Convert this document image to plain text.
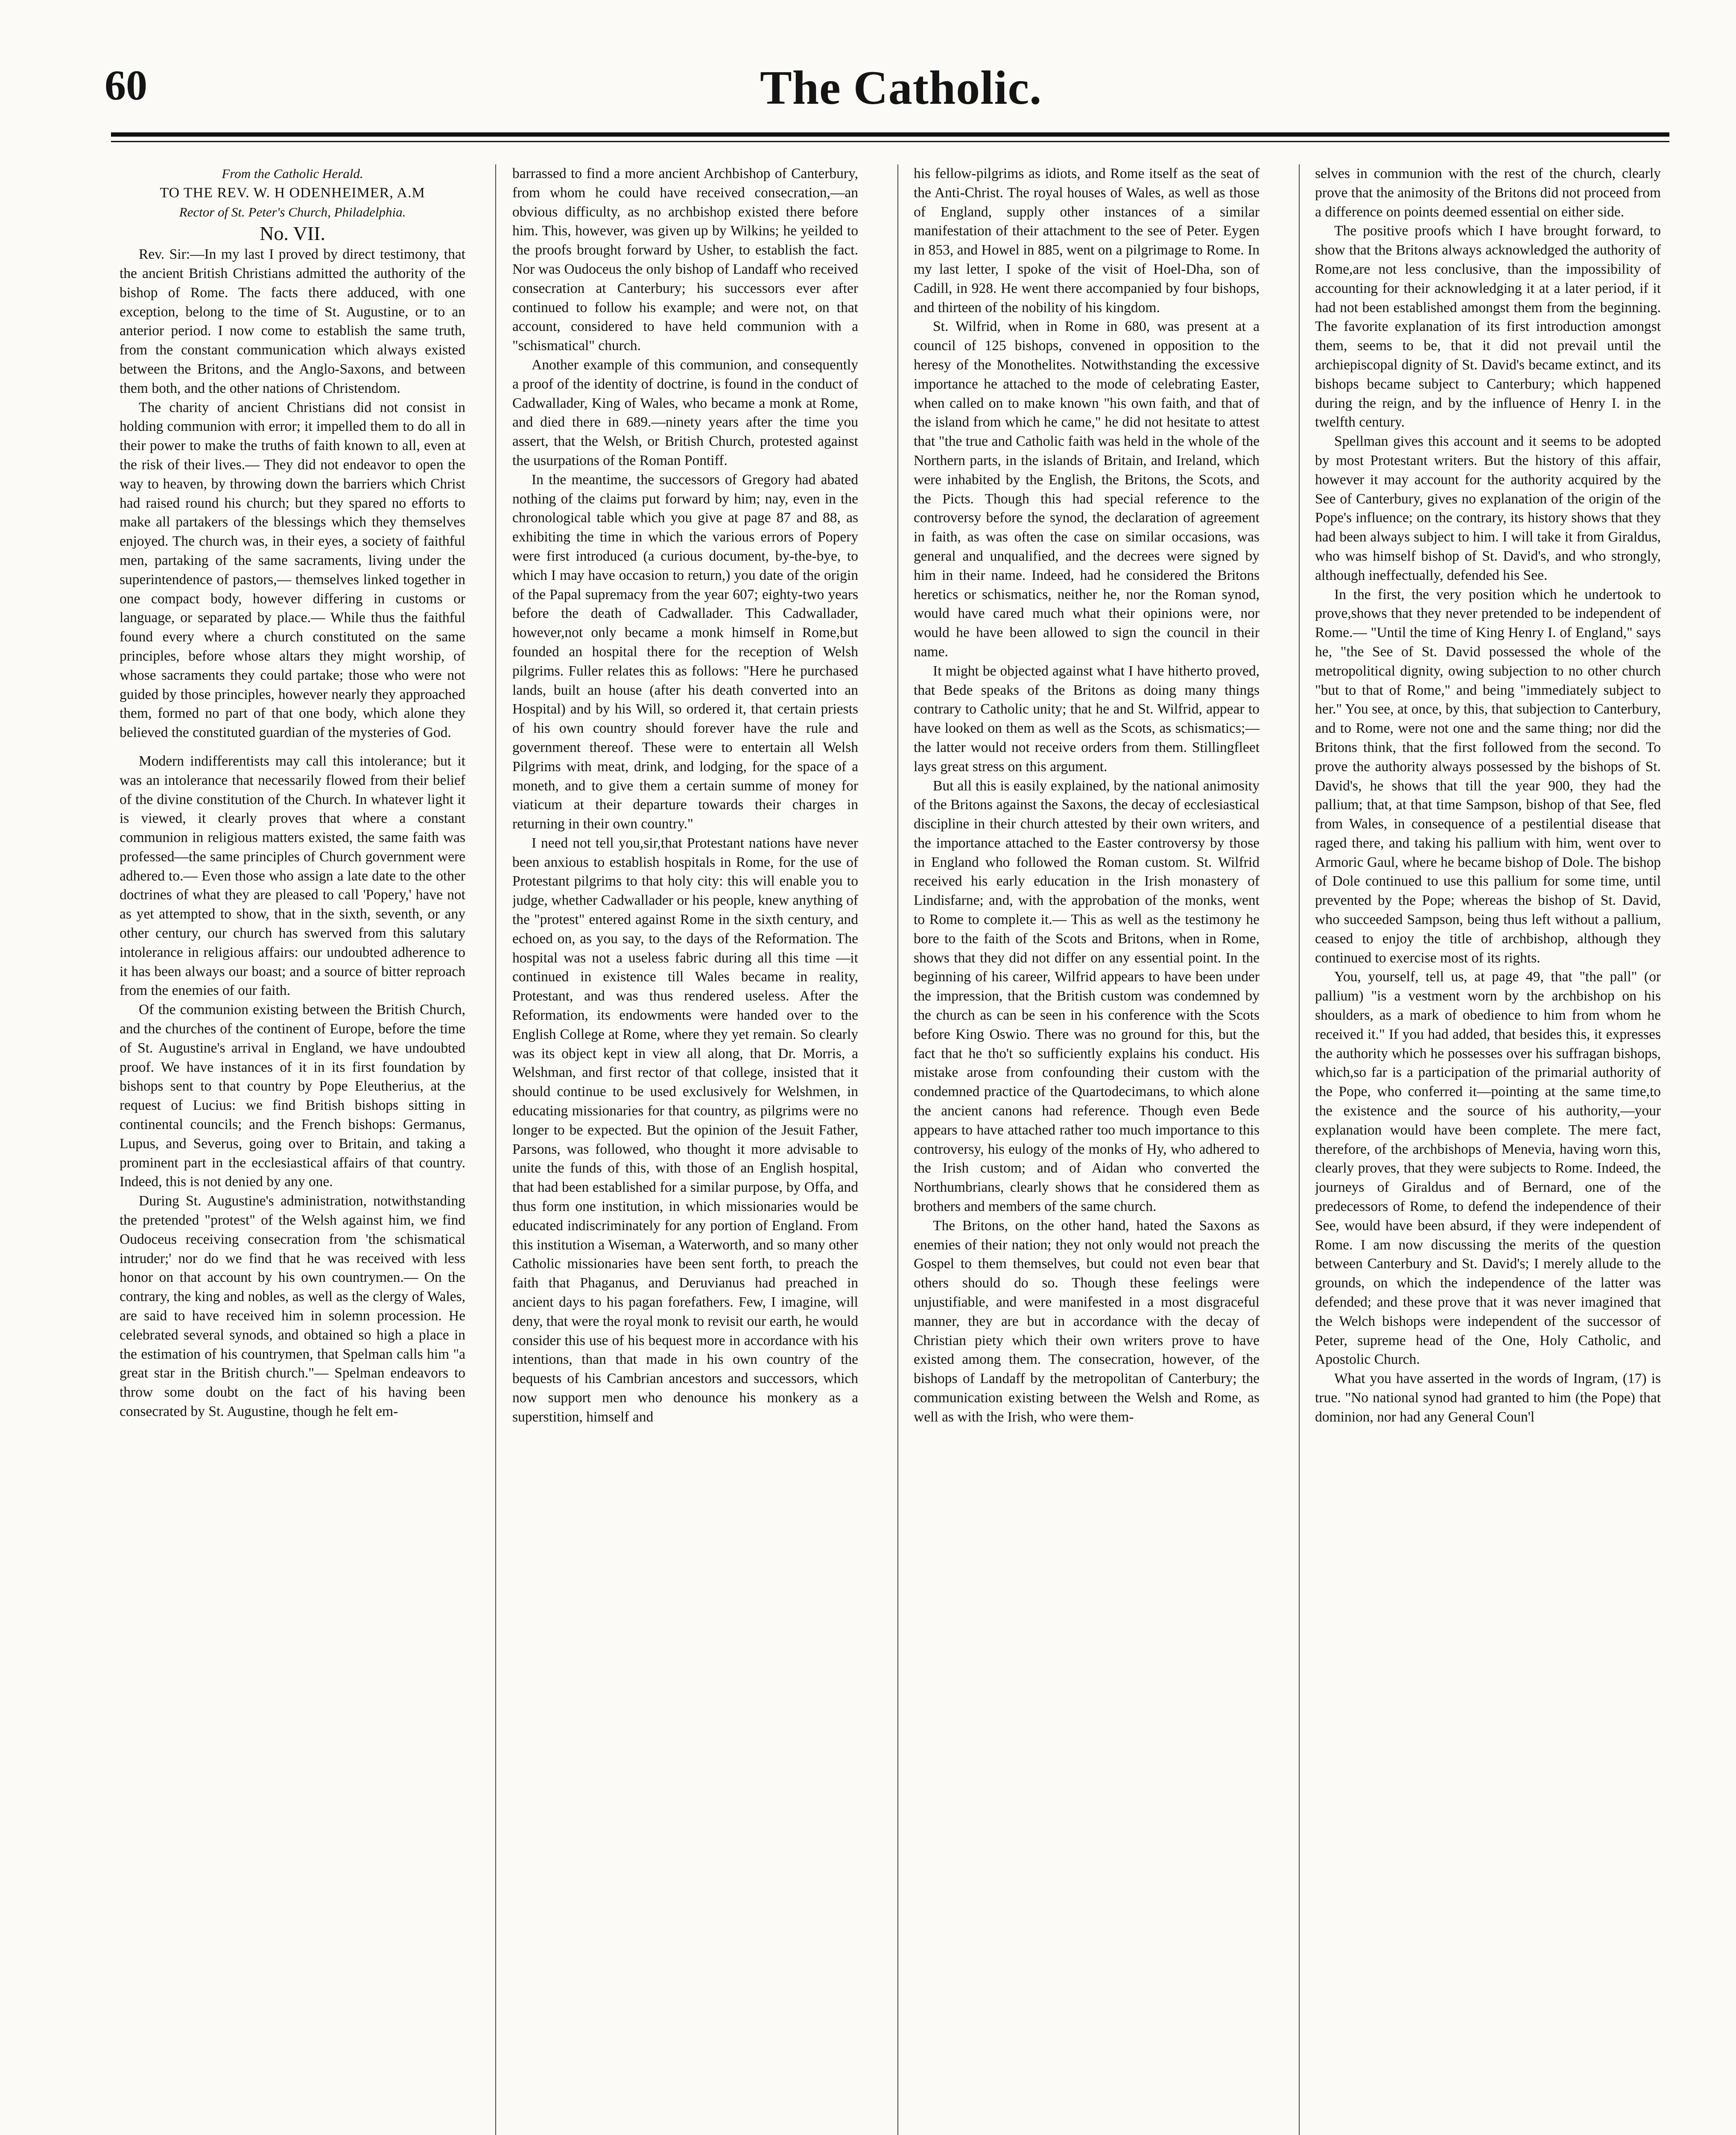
60	The Catholic.

From the Catholic Herald.

TO THE REV. W. H ODENHEIMER, A.M

Rector of St. Peter's Church, Philadelphia.

No. VII.

Rev. Sir:—In my last I proved by direct testimony, that the ancient British Christians admitted the authority of the bishop of Rome. The facts there adduced, with one exception, belong to the time of St. Augustine, or to an anterior period. I now come to establish the same truth, from the constant communication which always existed between the Britons, and the Anglo-Saxons, and between them both, and the other nations of Christendom.

The charity of ancient Christians did not consist in holding communion with error; it impelled them to do all in their power to make the truths of faith known to all, even at the risk of their lives.— They did not endeavor to open the way to heaven, by throwing down the barriers which Christ had raised round his church; but they spared no efforts to make all partakers of the blessings which they themselves enjoyed. The church was, in their eyes, a society of faithful men, partaking of the same sacraments, living under the superintendence of pastors,— themselves linked together in one compact body, however differing in customs or language, or separated by place.— While thus the faithful found every where a church constituted on the same principles, before whose altars they might worship, of whose sacraments they could partake; those who were not guided by those principles, however nearly they approached them, formed no part of that one body, which alone they believed the constituted guardian of the mysteries of God.

Modern indifferentists may call this intolerance; but it was an intolerance that necessarily flowed from their belief of the divine constitution of the Church. In whatever light it is viewed, it clearly proves that where a constant communion in religious matters existed, the same faith was professed—the same principles of Church government were adhered to.— Even those who assign a late date to the other doctrines of what they are pleased to call 'Popery,' have not as yet attempted to show, that in the sixth, seventh, or any other century, our church has swerved from this salutary intolerance in religious affairs: our undoubted adherence to it has been always our boast; and a source of bitter reproach from the enemies of our faith.

Of the communion existing between the British Church, and the churches of the continent of Europe, before the time of St. Augustine's arrival in England, we have undoubted proof. We have instances of it in its first foundation by bishops sent to that country by Pope Eleutherius, at the request of Lucius: we find British bishops sitting in continental councils; and the French bishops: Germanus, Lupus, and Severus, going over to Britain, and taking a prominent part in the ecclesiastical affairs of that country. Indeed, this is not denied by any one.

During St. Augustine's administration, notwithstanding the pretended "protest" of the Welsh against him, we find Oudoceus receiving consecration from 'the schismatical intruder;' nor do we find that he was received with less honor on that account by his own countrymen.— On the contrary, the king and nobles, as well as the clergy of Wales, are said to have received him in solemn procession. He celebrated several synods, and obtained so high a place in the estimation of his countrymen, that Spelman calls him "a great star in the British church."— Spelman endeavors to throw some doubt on the fact of his having been consecrated by St. Augustine, though he felt em-

barrassed to find a more ancient Archbishop of Canterbury, from whom he could have received consecration,—an obvious difficulty, as no archbishop existed there before him. This, however, was given up by Wilkins; he yeilded to the proofs brought forward by Usher, to establish the fact. Nor was Oudoceus the only bishop of Landaff who received consecration at Canterbury; his successors ever after continued to follow his example; and were not, on that account, considered to have held communion with a "schismatical" church.

Another example of this communion, and consequently a proof of the identity of doctrine, is found in the conduct of Cadwallader, King of Wales, who became a monk at Rome, and died there in 689.—ninety years after the time you assert, that the Welsh, or British Church, protested against the usurpations of the Roman Pontiff.

In the meantime, the successors of Gregory had abated nothing of the claims put forward by him; nay, even in the chronological table which you give at page 87 and 88, as exhibiting the time in which the various errors of Popery were first introduced (a curious document, by-the-bye, to which I may have occasion to return,) you date of the origin of the Papal supremacy from the year 607; eighty-two years before the death of Cadwallader. This Cadwallader, however,not only became a monk himself in Rome,but founded an hospital there for the reception of Welsh pilgrims. Fuller relates this as follows: "Here he purchased lands, built an house (after his death converted into an Hospital) and by his Will, so ordered it, that certain priests of his own country should forever have the rule and government thereof. These were to entertain all Welsh Pilgrims with meat, drink, and lodging, for the space of a moneth, and to give them a certain summe of money for viaticum at their departure towards their charges in returning in their own country."

I need not tell you,sir,that Protestant nations have never been anxious to establish hospitals in Rome, for the use of Protestant pilgrims to that holy city: this will enable you to judge, whether Cadwallader or his people, knew anything of the "protest" entered against Rome in the sixth century, and echoed on, as you say, to the days of the Reformation. The hospital was not a useless fabric during all this time —it continued in existence till Wales became in reality, Protestant, and was thus rendered useless. After the Reformation, its endowments were handed over to the English College at Rome, where they yet remain. So clearly was its object kept in view all along, that Dr. Morris, a Welshman, and first rector of that college, insisted that it should continue to be used exclusively for Welshmen, in educating missionaries for that country, as pilgrims were no longer to be expected. But the opinion of the Jesuit Father, Parsons, was followed, who thought it more advisable to unite the funds of this, with those of an English hospital, that had been established for a similar purpose, by Offa, and thus form one institution, in which missionaries would be educated indiscriminately for any portion of England. From this institution a Wiseman, a Waterworth, and so many other Catholic missionaries have been sent forth, to preach the faith that Phaganus, and Deruvianus had preached in ancient days to his pagan forefathers. Few, I imagine, will deny, that were the royal monk to revisit our earth, he would consider this use of his bequest more in accordance with his intentions, than that made in his own country of the bequests of his Cambrian ancestors and successors, which now support men who denounce his monkery as a superstition, himself and

his fellow-pilgrims as idiots, and Rome itself as the seat of the Anti-Christ. The royal houses of Wales, as well as those of England, supply other instances of a similar manifestation of their attachment to the see of Peter. Eygen in 853, and Howel in 885, went on a pilgrimage to Rome. In my last letter, I spoke of the visit of Hoel-Dha, son of Cadill, in 928. He went there accompanied by four bishops, and thirteen of the nobility of his kingdom.

St. Wilfrid, when in Rome in 680, was present at a council of 125 bishops, convened in opposition to the heresy of the Monothelites. Notwithstanding the excessive importance he attached to the mode of celebrating Easter, when called on to make known "his own faith, and that of the island from which he came," he did not hesitate to attest that "the true and Catholic faith was held in the whole of the Northern parts, in the islands of Britain, and Ireland, which were inhabited by the English, the Britons, the Scots, and the Picts. Though this had special reference to the controversy before the synod, the declaration of agreement in faith, as was often the case on similar occasions, was general and unqualified, and the decrees were signed by him in their name. Indeed, had he considered the Britons heretics or schismatics, neither he, nor the Roman synod, would have cared much what their opinions were, nor would he have been allowed to sign the council in their name.

It might be objected against what I have hitherto proved, that Bede speaks of the Britons as doing many things contrary to Catholic unity; that he and St. Wilfrid, appear to have looked on them as well as the Scots, as schismatics;—the latter would not receive orders from them. Stillingfleet lays great stress on this argument.

But all this is easily explained, by the national animosity of the Britons against the Saxons, the decay of ecclesiastical discipline in their church attested by their own writers, and the importance attached to the Easter controversy by those in England who followed the Roman custom. St. Wilfrid received his early education in the Irish monastery of Lindisfarne; and, with the approbation of the monks, went to Rome to complete it.— This as well as the testimony he bore to the faith of the Scots and Britons, when in Rome, shows that they did not differ on any essential point. In the beginning of his career, Wilfrid appears to have been under the impression, that the British custom was condemned by the church as can be seen in his conference with the Scots before King Oswio. There was no ground for this, but the fact that he tho't so sufficiently explains his conduct. His mistake arose from confounding their custom with the condemned practice of the Quartodecimans, to which alone the ancient canons had reference. Though even Bede appears to have attached rather too much importance to this controversy, his eulogy of the monks of Hy, who adhered to the Irish custom; and of Aidan who converted the Northumbrians, clearly shows that he considered them as brothers and members of the same church.

The Britons, on the other hand, hated the Saxons as enemies of their nation; they not only would not preach the Gospel to them themselves, but could not even bear that others should do so. Though these feelings were unjustifiable, and were manifested in a most disgraceful manner, they are but in accordance with the decay of Christian piety which their own writers prove to have existed among them. The consecration, however, of the bishops of Landaff by the metropolitan of Canterbury; the communication existing between the Welsh and Rome, as well as with the Irish, who were them-

selves in communion with the rest of the church, clearly prove that the animosity of the Britons did not proceed from a difference on points deemed essential on either side.

The positive proofs which I have brought forward, to show that the Britons always acknowledged the authority of Rome,are not less conclusive, than the impossibility of accounting for their acknowledging it at a later period, if it had not been established amongst them from the beginning. The favorite explanation of its first introduction amongst them, seems to be, that it did not prevail until the archiepiscopal dignity of St. David's became extinct, and its bishops became subject to Canterbury; which happened during the reign, and by the influence of Henry I. in the twelfth century.

Spellman gives this account and it seems to be adopted by most Protestant writers. But the history of this affair, however it may account for the authority acquired by the See of Canterbury, gives no explanation of the origin of the Pope's influence; on the contrary, its history shows that they had been always subject to him. I will take it from Giraldus, who was himself bishop of St. David's, and who strongly, although ineffectually, defended his See.

In the first, the very position which he undertook to prove,shows that they never pretended to be independent of Rome.— "Until the time of King Henry I. of England," says he, "the See of St. David possessed the whole of the metropolitical dignity, owing subjection to no other church "but to that of Rome," and being "immediately subject to her." You see, at once, by this, that subjection to Canterbury, and to Rome, were not one and the same thing; nor did the Britons think, that the first followed from the second. To prove the authority always possessed by the bishops of St. David's, he shows that till the year 900, they had the pallium; that, at that time Sampson, bishop of that See, fled from Wales, in consequence of a pestilential disease that raged there, and taking his pallium with him, went over to Armoric Gaul, where he became bishop of Dole. The bishop of Dole continued to use this pallium for some time, until prevented by the Pope; whereas the bishop of St. David, who succeeded Sampson, being thus left without a pallium, ceased to enjoy the title of archbishop, although they continued to exercise most of its rights.

You, yourself, tell us, at page 49, that "the pall" (or pallium) "is a vestment worn by the archbishop on his shoulders, as a mark of obedience to him from whom he received it." If you had added, that besides this, it expresses the authority which he possesses over his suffragan bishops, which,so far is a participation of the primarial authority of the Pope, who conferred it—pointing at the same time,to the existence and the source of his authority,—your explanation would have been complete. The mere fact, therefore, of the archbishops of Menevia, having worn this, clearly proves, that they were subjects to Rome. Indeed, the journeys of Giraldus and of Bernard, one of the predecessors of Rome, to defend the independence of their See, would have been absurd, if they were independent of Rome. I am now discussing the merits of the question between Canterbury and St. David's; I merely allude to the grounds, on which the independence of the latter was defended; and these prove that it was never imagined that the Welch bishops were independent of the successor of Peter, supreme head of the One, Holy Catholic, and Apostolic Church.

What you have asserted in the words of Ingram, (17) is true. "No national synod had granted to him (the Pope) that dominion, nor had any General Coun'l
